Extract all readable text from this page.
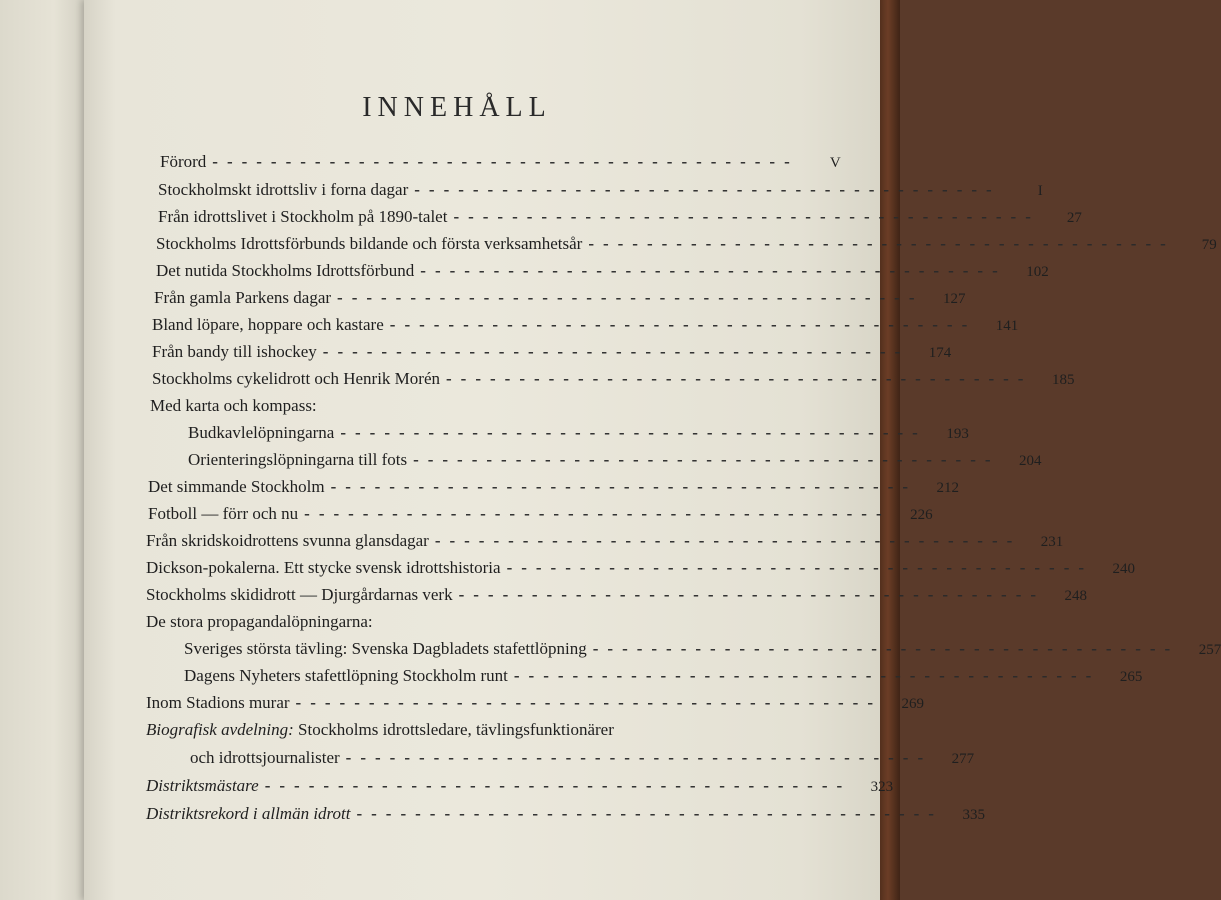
INNEHÅLL
Förord ----------------------------------------	V
Stockholmskt idrottsliv i forna dagar ----------------------------------------	I
Från idrottslivet i Stockholm på 1890-talet ----------------------------------------	27
Stockholms Idrottsförbunds bildande och första verksamhetsår ----------------------------------------	79
Det nutida Stockholms Idrottsförbund ----------------------------------------	102
Från gamla Parkens dagar ----------------------------------------	127
Bland löpare, hoppare och kastare ----------------------------------------	141
Från bandy till ishockey ----------------------------------------	174
Stockholms cykelidrott och Henrik Morén ----------------------------------------	185
Med karta och kompass:
Budkavlelöpningarna ----------------------------------------	193
Orienteringslöpningarna till fots ----------------------------------------	204
Det simmande Stockholm ----------------------------------------	212
Fotboll — förr och nu ----------------------------------------	226
Från skridskoidrottens svunna glansdagar ----------------------------------------	231
Dickson-pokalerna. Ett stycke svensk idrottshistoria ----------------------------------------	240
Stockholms skididrott — Djurgårdarnas verk ----------------------------------------	248
De stora propagandalöpningarna:
Sveriges största tävling: Svenska Dagbladets stafettlöpning ----------------------------------------	257
Dagens Nyheters stafettlöpning Stockholm runt ----------------------------------------	265
Inom Stadions murar ----------------------------------------	269
Biografisk avdelning: Stockholms idrottsledare, tävlingsfunktionärer
och idrottsjournalister ----------------------------------------	277
Distriktsmästare ----------------------------------------	323
Distriktsrekord i allmän idrott ----------------------------------------	335
